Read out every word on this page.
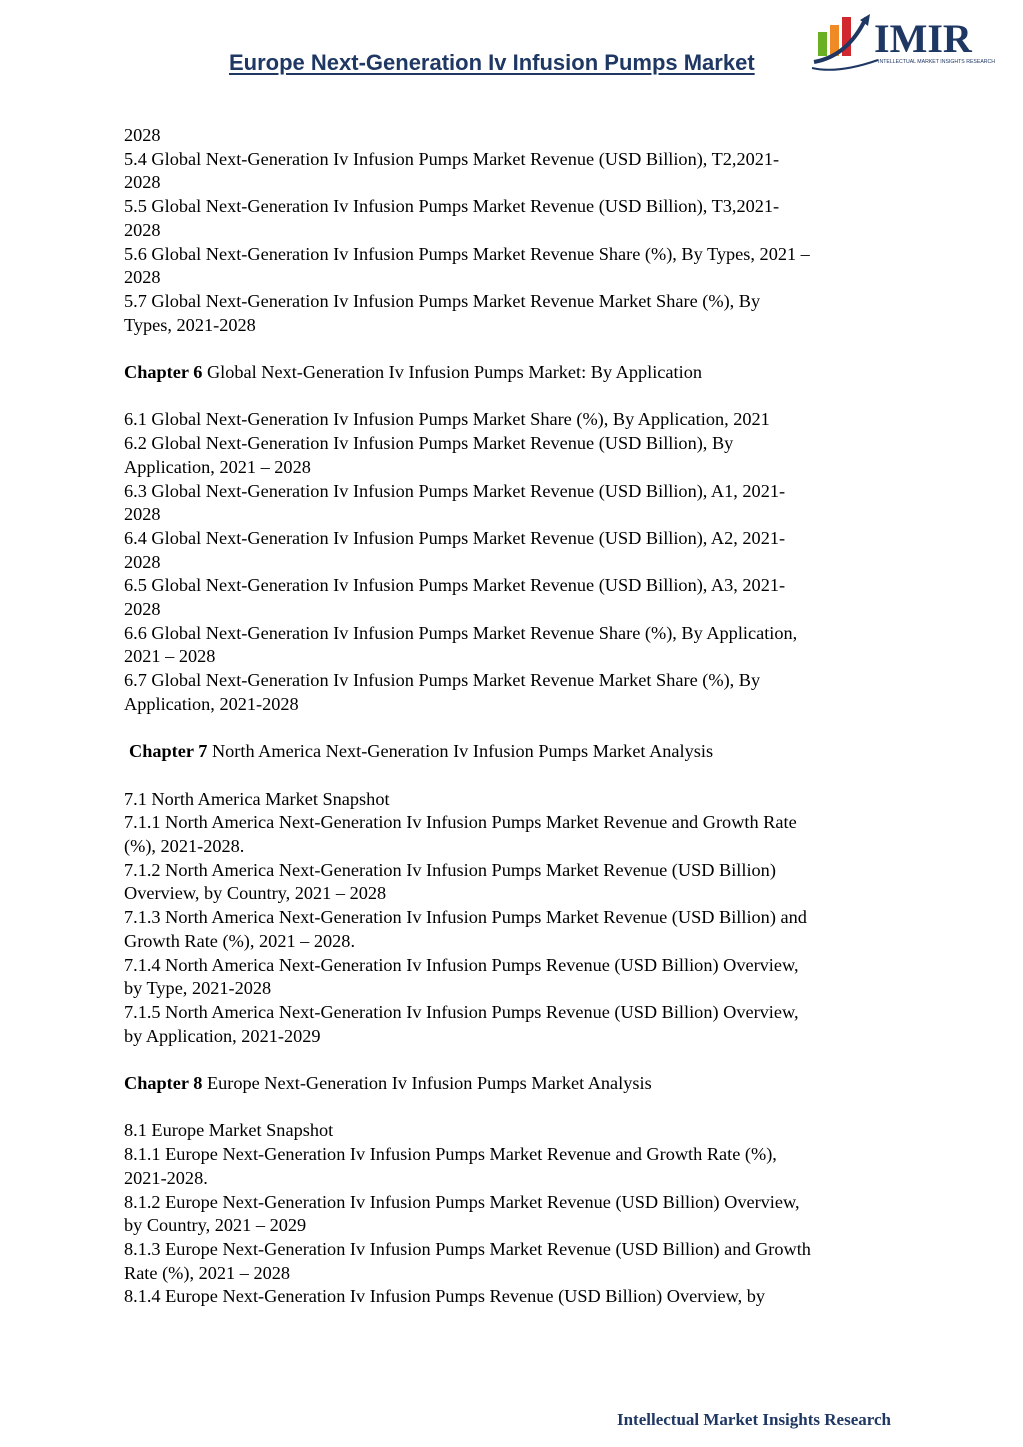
Europe Next-Generation Iv Infusion Pumps Market
IMIR
INTELLECTUAL MARKET INSIGHTS RESEARCH
2028
5.4 Global Next-Generation Iv Infusion Pumps Market Revenue (USD Billion), T2,2021-
2028
5.5 Global Next-Generation Iv Infusion Pumps Market Revenue (USD Billion), T3,2021-
2028
5.6 Global Next-Generation Iv Infusion Pumps Market Revenue Share (%), By Types, 2021 –
2028
5.7 Global Next-Generation Iv Infusion Pumps Market Revenue Market Share (%), By
Types, 2021-2028
Chapter 6 Global Next-Generation Iv Infusion Pumps Market: By Application
6.1 Global Next-Generation Iv Infusion Pumps Market Share (%), By Application, 2021
6.2 Global Next-Generation Iv Infusion Pumps Market Revenue (USD Billion), By
Application, 2021 – 2028
6.3 Global Next-Generation Iv Infusion Pumps Market Revenue (USD Billion), A1, 2021-
2028
6.4 Global Next-Generation Iv Infusion Pumps Market Revenue (USD Billion), A2, 2021-
2028
6.5 Global Next-Generation Iv Infusion Pumps Market Revenue (USD Billion), A3, 2021-
2028
6.6 Global Next-Generation Iv Infusion Pumps Market Revenue Share (%), By Application,
2021 – 2028
6.7 Global Next-Generation Iv Infusion Pumps Market Revenue Market Share (%), By
Application, 2021-2028
Chapter 7 North America Next-Generation Iv Infusion Pumps Market Analysis
7.1 North America Market Snapshot
7.1.1 North America Next-Generation Iv Infusion Pumps Market Revenue and Growth Rate
(%), 2021-2028.
7.1.2 North America Next-Generation Iv Infusion Pumps Market Revenue (USD Billion)
Overview, by Country, 2021 – 2028
7.1.3 North America Next-Generation Iv Infusion Pumps Market Revenue (USD Billion) and
Growth Rate (%), 2021 – 2028.
7.1.4 North America Next-Generation Iv Infusion Pumps Revenue (USD Billion) Overview,
by Type, 2021-2028
7.1.5 North America Next-Generation Iv Infusion Pumps Revenue (USD Billion) Overview,
by Application, 2021-2029
Chapter 8 Europe Next-Generation Iv Infusion Pumps Market Analysis
8.1 Europe Market Snapshot
8.1.1 Europe Next-Generation Iv Infusion Pumps Market Revenue and Growth Rate (%),
2021-2028.
8.1.2 Europe Next-Generation Iv Infusion Pumps Market Revenue (USD Billion) Overview,
by Country, 2021 – 2029
8.1.3 Europe Next-Generation Iv Infusion Pumps Market Revenue (USD Billion) and Growth
Rate (%), 2021 – 2028
8.1.4 Europe Next-Generation Iv Infusion Pumps Revenue (USD Billion) Overview, by
Intellectual Market Insights Research
